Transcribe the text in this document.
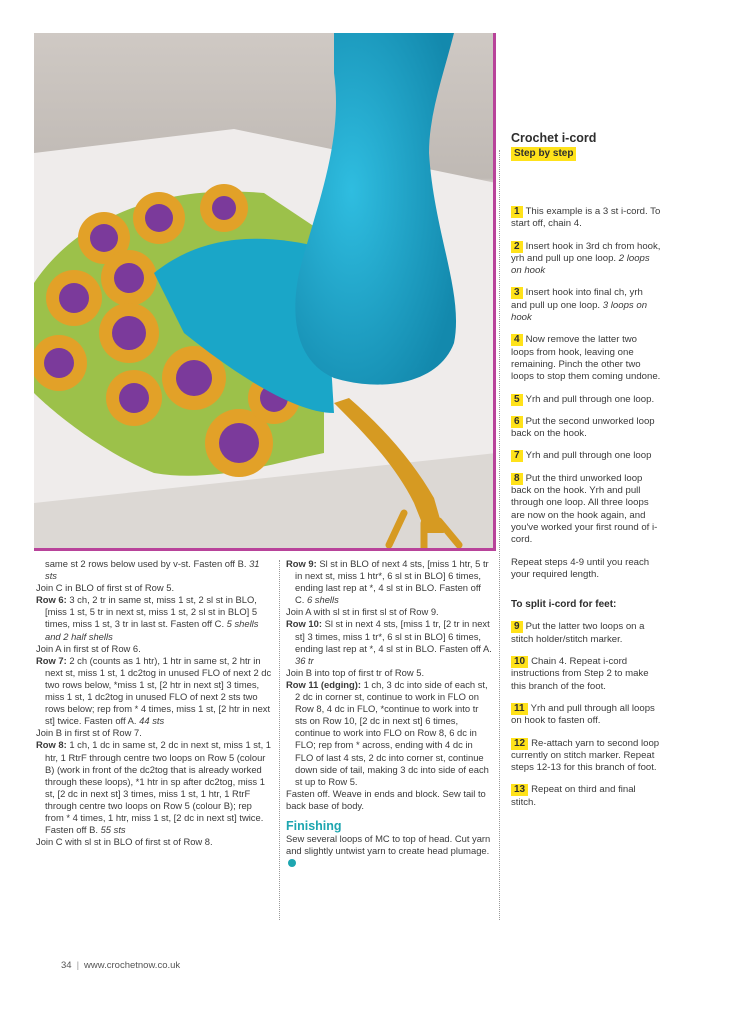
same st 2 rows below used by v-st. Fasten off B. 31 sts

Join C in BLO of first st of Row 5.

Row 6: 3 ch, 2 tr in same st, miss 1 st, 2 sl st in BLO, [miss 1 st, 5 tr in next st, miss 1 st, 2 sl st in BLO] 5 times, miss 1 st, 3 tr in last st. Fasten off C. 5 shells and 2 half shells

Join A in first st of Row 6.

Row 7: 2 ch (counts as 1 htr), 1 htr in same st, 2 htr in next st, miss 1 st, 1 dc2tog in unused FLO of next 2 dc two rows below, *miss 1 st, [2 htr in next st] 3 times, miss 1 st, 1 dc2tog in unused FLO of next 2 sts two rows below; rep from * 4 times, miss 1 st, [2 htr in next st] twice. Fasten off A. 44 sts

Join B in first st of Row 7.

Row 8: 1 ch, 1 dc in same st, 2 dc in next st, miss 1 st, 1 htr, 1 RtrF through centre two loops on Row 5 (colour B) (work in front of the dc2tog that is already worked through these loops), *1 htr in sp after dc2tog, miss 1 st, [2 dc in next st] 3 times, miss 1 st, 1 htr, 1 RtrF through centre two loops on Row 5 (colour B); rep from * 4 times, 1 htr, miss 1 st, [2 dc in next st] twice. Fasten off B. 55 sts

Join C with sl st in BLO of first st of Row 8.

Row 9: Sl st in BLO of next 4 sts, [miss 1 htr, 5 tr in next st, miss 1 htr*, 6 sl st in BLO] 6 times, ending last rep at *, 4 sl st in BLO. Fasten off C. 6 shells

Join A with sl st in first sl st of Row 9.

Row 10: Sl st in next 4 sts, [miss 1 tr, [2 tr in next st] 3 times, miss 1 tr*, 6 sl st in BLO] 6 times, ending last rep at *, 4 sl st in BLO. Fasten off A. 36 tr

Join B into top of first tr of Row 5.

Row 11 (edging): 1 ch, 3 dc into side of each st, 2 dc in corner st, continue to work in FLO on Row 8, 4 dc in FLO, *continue to work into tr sts on Row 10, [2 dc in next st] 6 times, continue to work into FLO on Row 8, 6 dc in FLO; rep from * across, ending with 4 dc in FLO of last 4 sts, 2 dc into corner st, continue down side of tail, making 3 dc into side of each st up to Row 5.

Fasten off. Weave in ends and block. Sew tail to back base of body.

Finishing

Sew several loops of MC to top of head. Cut yarn and slightly untwist yarn to create head plumage.

Crochet i-cord
Step by step

1 This example is a 3 st i-cord. To start off, chain 4.

2 Insert hook in 3rd ch from hook, yrh and pull up one loop. 2 loops on hook

3 Insert hook into final ch, yrh and pull up one loop. 3 loops on hook

4 Now remove the latter two loops from hook, leaving one remaining. Pinch the other two loops to stop them coming undone.

5 Yrh and pull through one loop.

6 Put the second unworked loop back on the hook.

7 Yrh and pull through one loop

8 Put the third unworked loop back on the hook. Yrh and pull through one loop. All three loops are now on the hook again, and you've worked your first round of i-cord.

Repeat steps 4-9 until you reach your required length.

To split i-cord for feet:

9 Put the latter two loops on a stitch holder/stitch marker.

10 Chain 4. Repeat i-cord instructions from Step 2 to make this branch of the foot.

11 Yrh and pull through all loops on hook to fasten off.

12 Re-attach yarn to second loop currently on stitch marker. Repeat steps 12-13 for this branch of foot.

13 Repeat on third and final stitch.

34 | www.crochetnow.co.uk
